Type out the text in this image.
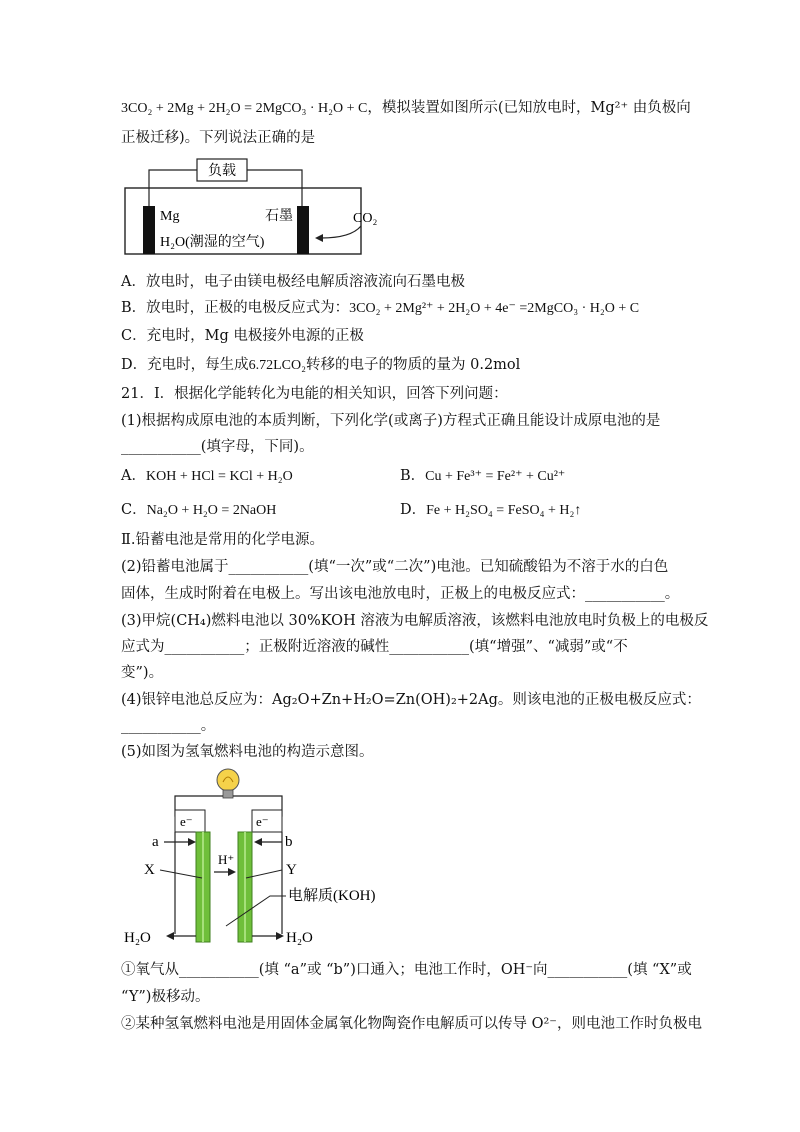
3CO₂ + 2Mg + 2H₂O = 2MgCO₃ · H₂O + C，模拟装置如图所示(已知放电时，Mg²⁺ 由负极向
正极迁移)。下列说法正确的是
负载
Mg	石墨
H₂O(潮湿的空气)
CO₂
A．放电时，电子由镁电极经电解质溶液流向石墨电极
B．放电时，正极的电极反应式为：3CO₂ + 2Mg²⁺ + 2H₂O + 4e⁻ =2MgCO₃ · H₂O + C
C．充电时，Mg 电极接外电源的正极
D．充电时，每生成6.72LCO₂转移的电子的物质的量为 0.2mol
21．Ⅰ．根据化学能转化为电能的相关知识，回答下列问题：
(1)根据构成原电池的本质判断，下列化学(或离子)方程式正确且能设计成原电池的是
___________(填字母，下同)。
A．KOH + HCl = KCl + H₂O	B．Cu + Fe³⁺ = Fe²⁺ + Cu²⁺
C．Na₂O + H₂O = 2NaOH	D．Fe + H₂SO₄ = FeSO₄ + H₂↑
Ⅱ.铅蓄电池是常用的化学电源。
(2)铅蓄电池属于___________(填“一次”或“二次”)电池。已知硫酸铅为不溶于水的白色
固体，生成时附着在电极上。写出该电池放电时，正极上的电极反应式：___________。
(3)甲烷(CH₄)燃料电池以 30%KOH 溶液为电解质溶液，该燃料电池放电时负极上的电极反
应式为___________；正极附近溶液的碱性___________(填“增强”、“减弱”或“不
变”)。
(4)银锌电池总反应为：Ag₂O+Zn+H₂O=Zn(OH)₂+2Ag。则该电池的正极电极反应式：
___________。
(5)如图为氢氧燃料电池的构造示意图。
e⁻	e⁻
a	b
X	Y
H⁺
电解质(KOH)
H₂O	H₂O
①氧气从___________(填 “a”或 “b”)口通入；电池工作时，OH⁻向___________(填 “X”或
“Y”)极移动。
②某种氢氧燃料电池是用固体金属氧化物陶瓷作电解质可以传导 O²⁻，则电池工作时负极电
